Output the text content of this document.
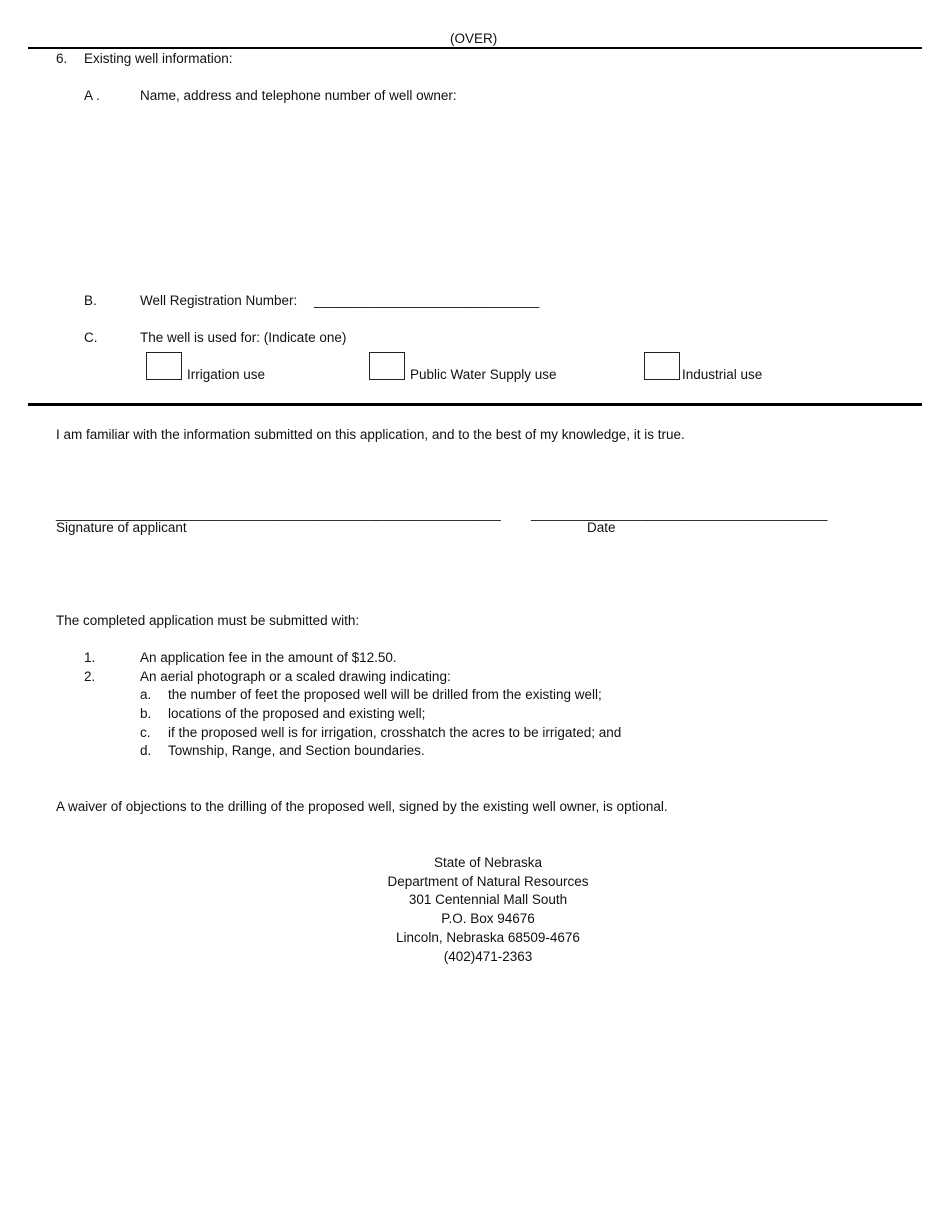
(OVER)
6. Existing well information:
A .	Name, address and telephone number of well owner:
B.	Well Registration Number: ______________________________
C.	The well is used for: (Indicate one)
Irrigation use	Public Water Supply use	Industrial use
I am familiar with the information submitted on this application, and to the best of my knowledge, it is true.
_________________________________________________________ ______________________________________
Signature of applicant	Date
The completed application must be submitted with:
1.	An application fee in the amount of $12.50.
2.	An aerial photograph or a scaled drawing indicating:
a. the number of feet the proposed well will be drilled from the existing well;
b. locations of the proposed and existing well;
c. if the proposed well is for irrigation, crosshatch the acres to be irrigated; and
d. Township, Range, and Section boundaries.
A waiver of objections to the drilling of the proposed well, signed by the existing well owner, is optional.
State of Nebraska
Department of Natural Resources
301 Centennial Mall South
P.O. Box 94676
Lincoln, Nebraska 68509-4676
(402)471-2363
